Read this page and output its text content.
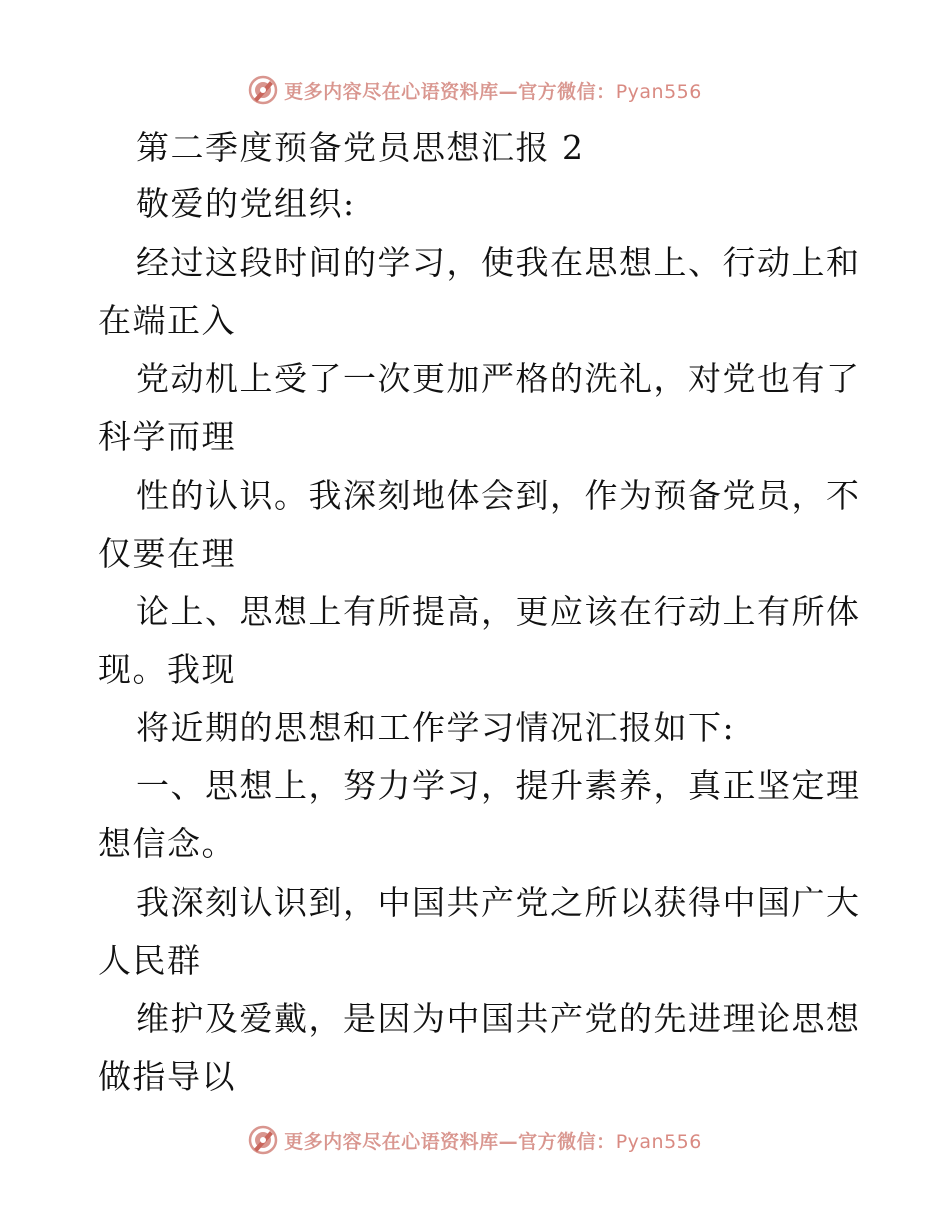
更多内容尽在心语资料库—官方微信：Pyan556
第二季度预备党员思想汇报 2
敬爱的党组织:
经过这段时间的学习，使我在思想上、行动上和
在端正入
党动机上受了一次更加严格的洗礼，对党也有了
科学而理
性的认识。我深刻地体会到，作为预备党员，不
仅要在理
论上、思想上有所提高，更应该在行动上有所体
现。我现
将近期的思想和工作学习情况汇报如下:
一、思想上，努力学习，提升素养，真正坚定理
想信念。
我深刻认识到，中国共产党之所以获得中国广大
人民群
维护及爱戴，是因为中国共产党的先进理论思想
做指导以
更多内容尽在心语资料库—官方微信：Pyan556
